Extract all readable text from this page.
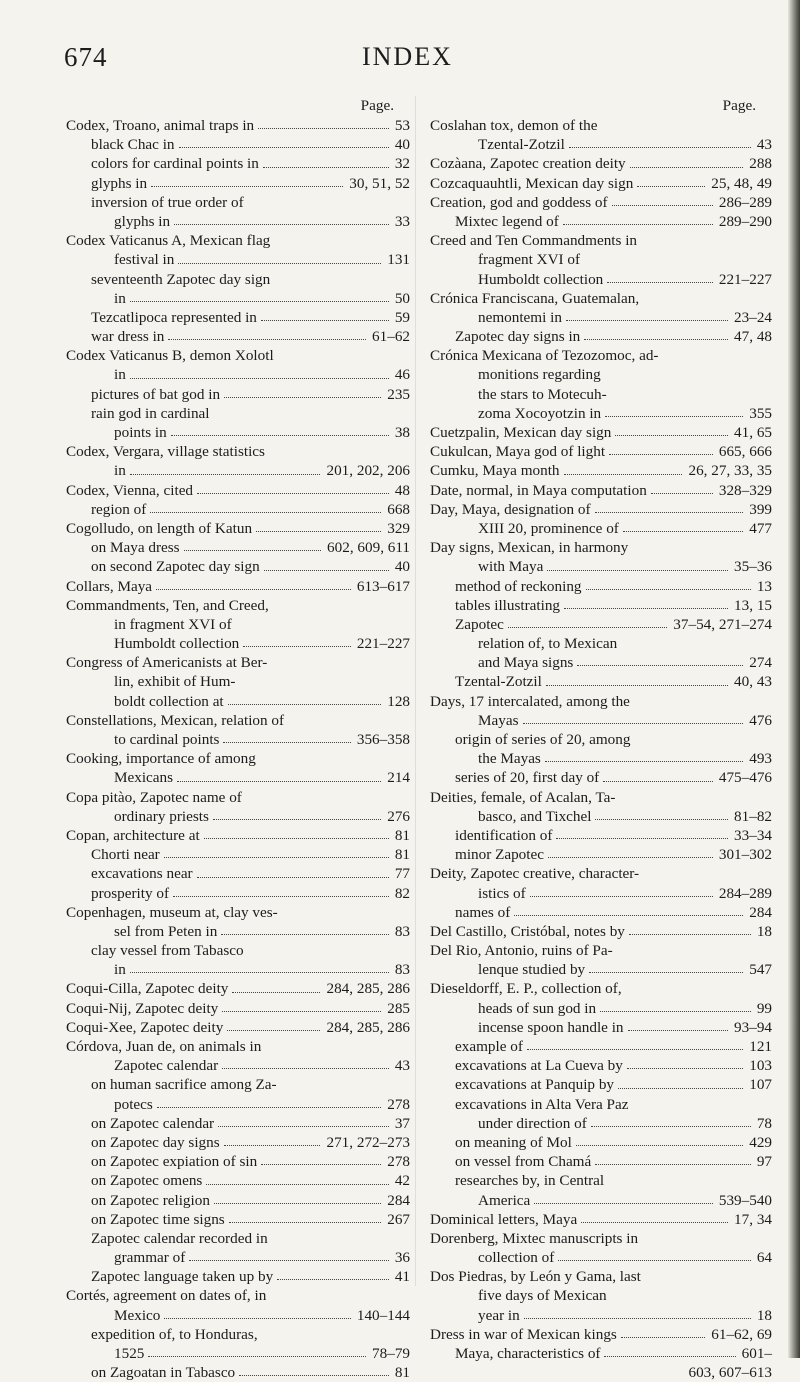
674	INDEX
Page.
Codex, Troano, animal traps in	53
black Chac in	40
colors for cardinal points in	32
glyphs in	30, 51, 52
inversion of true order of
glyphs in	33
Codex Vaticanus A, Mexican flag
festival in	131
seventeenth Zapotec day sign
in	50
Tezcatlipoca represented in	59
war dress in	61–62
Codex Vaticanus B, demon Xolotl
in	46
pictures of bat god in	235
rain god in cardinal
points in	38
Codex, Vergara, village statistics
in	201, 202, 206
Codex, Vienna, cited	48
region of	668
Cogolludo, on length of Katun	329
on Maya dress	602, 609, 611
on second Zapotec day sign	40
Collars, Maya	613–617
Commandments, Ten, and Creed,
in fragment XVI of
Humboldt collection	221–227
Congress of Americanists at Ber-
lin, exhibit of Hum-
boldt collection at	128
Constellations, Mexican, relation of
to cardinal points	356–358
Cooking, importance of among
Mexicans	214
Copa pitào, Zapotec name of
ordinary priests	276
Copan, architecture at	81
Chorti near	81
excavations near	77
prosperity of	82
Copenhagen, museum at, clay ves-
sel from Peten in	83
clay vessel from Tabasco
in	83
Coqui-Cilla, Zapotec deity	284, 285, 286
Coqui-Nij, Zapotec deity	285
Coqui-Xee, Zapotec deity	284, 285, 286
Córdova, Juan de, on animals in
Zapotec calendar	43
on human sacrifice among Za-
potecs	278
on Zapotec calendar	37
on Zapotec day signs	271, 272–273
on Zapotec expiation of sin	278
on Zapotec omens	42
on Zapotec religion	284
on Zapotec time signs	267
Zapotec calendar recorded in
grammar of	36
Zapotec language taken up by	41
Cortés, agreement on dates of, in
Mexico	140–144
expedition of, to Honduras,
1525	78–79
on Zagoatan in Tabasco	81
Page.
Coslahan tox, demon of the
Tzental-Zotzil	43
Cozàana, Zapotec creation deity	288
Cozcaquauhtli, Mexican day sign	25, 48, 49
Creation, god and goddess of	286–289
Mixtec legend of	289–290
Creed and Ten Commandments in
fragment XVI of
Humboldt collection	221–227
Crónica Franciscana, Guatemalan,
nemontemi in	23–24
Zapotec day signs in	47, 48
Crónica Mexicana of Tezozomoc, ad-
monitions regarding
the stars to Motecuh-
zoma Xocoyotzin in	355
Cuetzpalin, Mexican day sign	41, 65
Cukulcan, Maya god of light	665, 666
Cumku, Maya month	26, 27, 33, 35
Date, normal, in Maya computation	328–329
Day, Maya, designation of	399
XIII 20, prominence of	477
Day signs, Mexican, in harmony
with Maya	35–36
method of reckoning	13
tables illustrating	13, 15
Zapotec	37–54, 271–274
relation of, to Mexican
and Maya signs	274
Tzental-Zotzil	40, 43
Days, 17 intercalated, among the
Mayas	476
origin of series of 20, among
the Mayas	493
series of 20, first day of	475–476
Deities, female, of Acalan, Ta-
basco, and Tixchel	81–82
identification of	33–34
minor Zapotec	301–302
Deity, Zapotec creative, character-
istics of	284–289
names of	284
Del Castillo, Cristóbal, notes by	18
Del Rio, Antonio, ruins of Pa-
lenque studied by	547
Dieseldorff, E. P., collection of,
heads of sun god in	99
incense spoon handle in	93–94
example of	121
excavations at La Cueva by	103
excavations at Panquip by	107
excavations in Alta Vera Paz
under direction of	78
on meaning of Mol	429
on vessel from Chamá	97
researches by, in Central
America	539–540
Dominical letters, Maya	17, 34
Dorenberg, Mixtec manuscripts in
collection of	64
Dos Piedras, by León y Gama, last
five days of Mexican
year in	18
Dress in war of Mexican kings	61–62, 69
Maya, characteristics of	601–
603, 607–613
